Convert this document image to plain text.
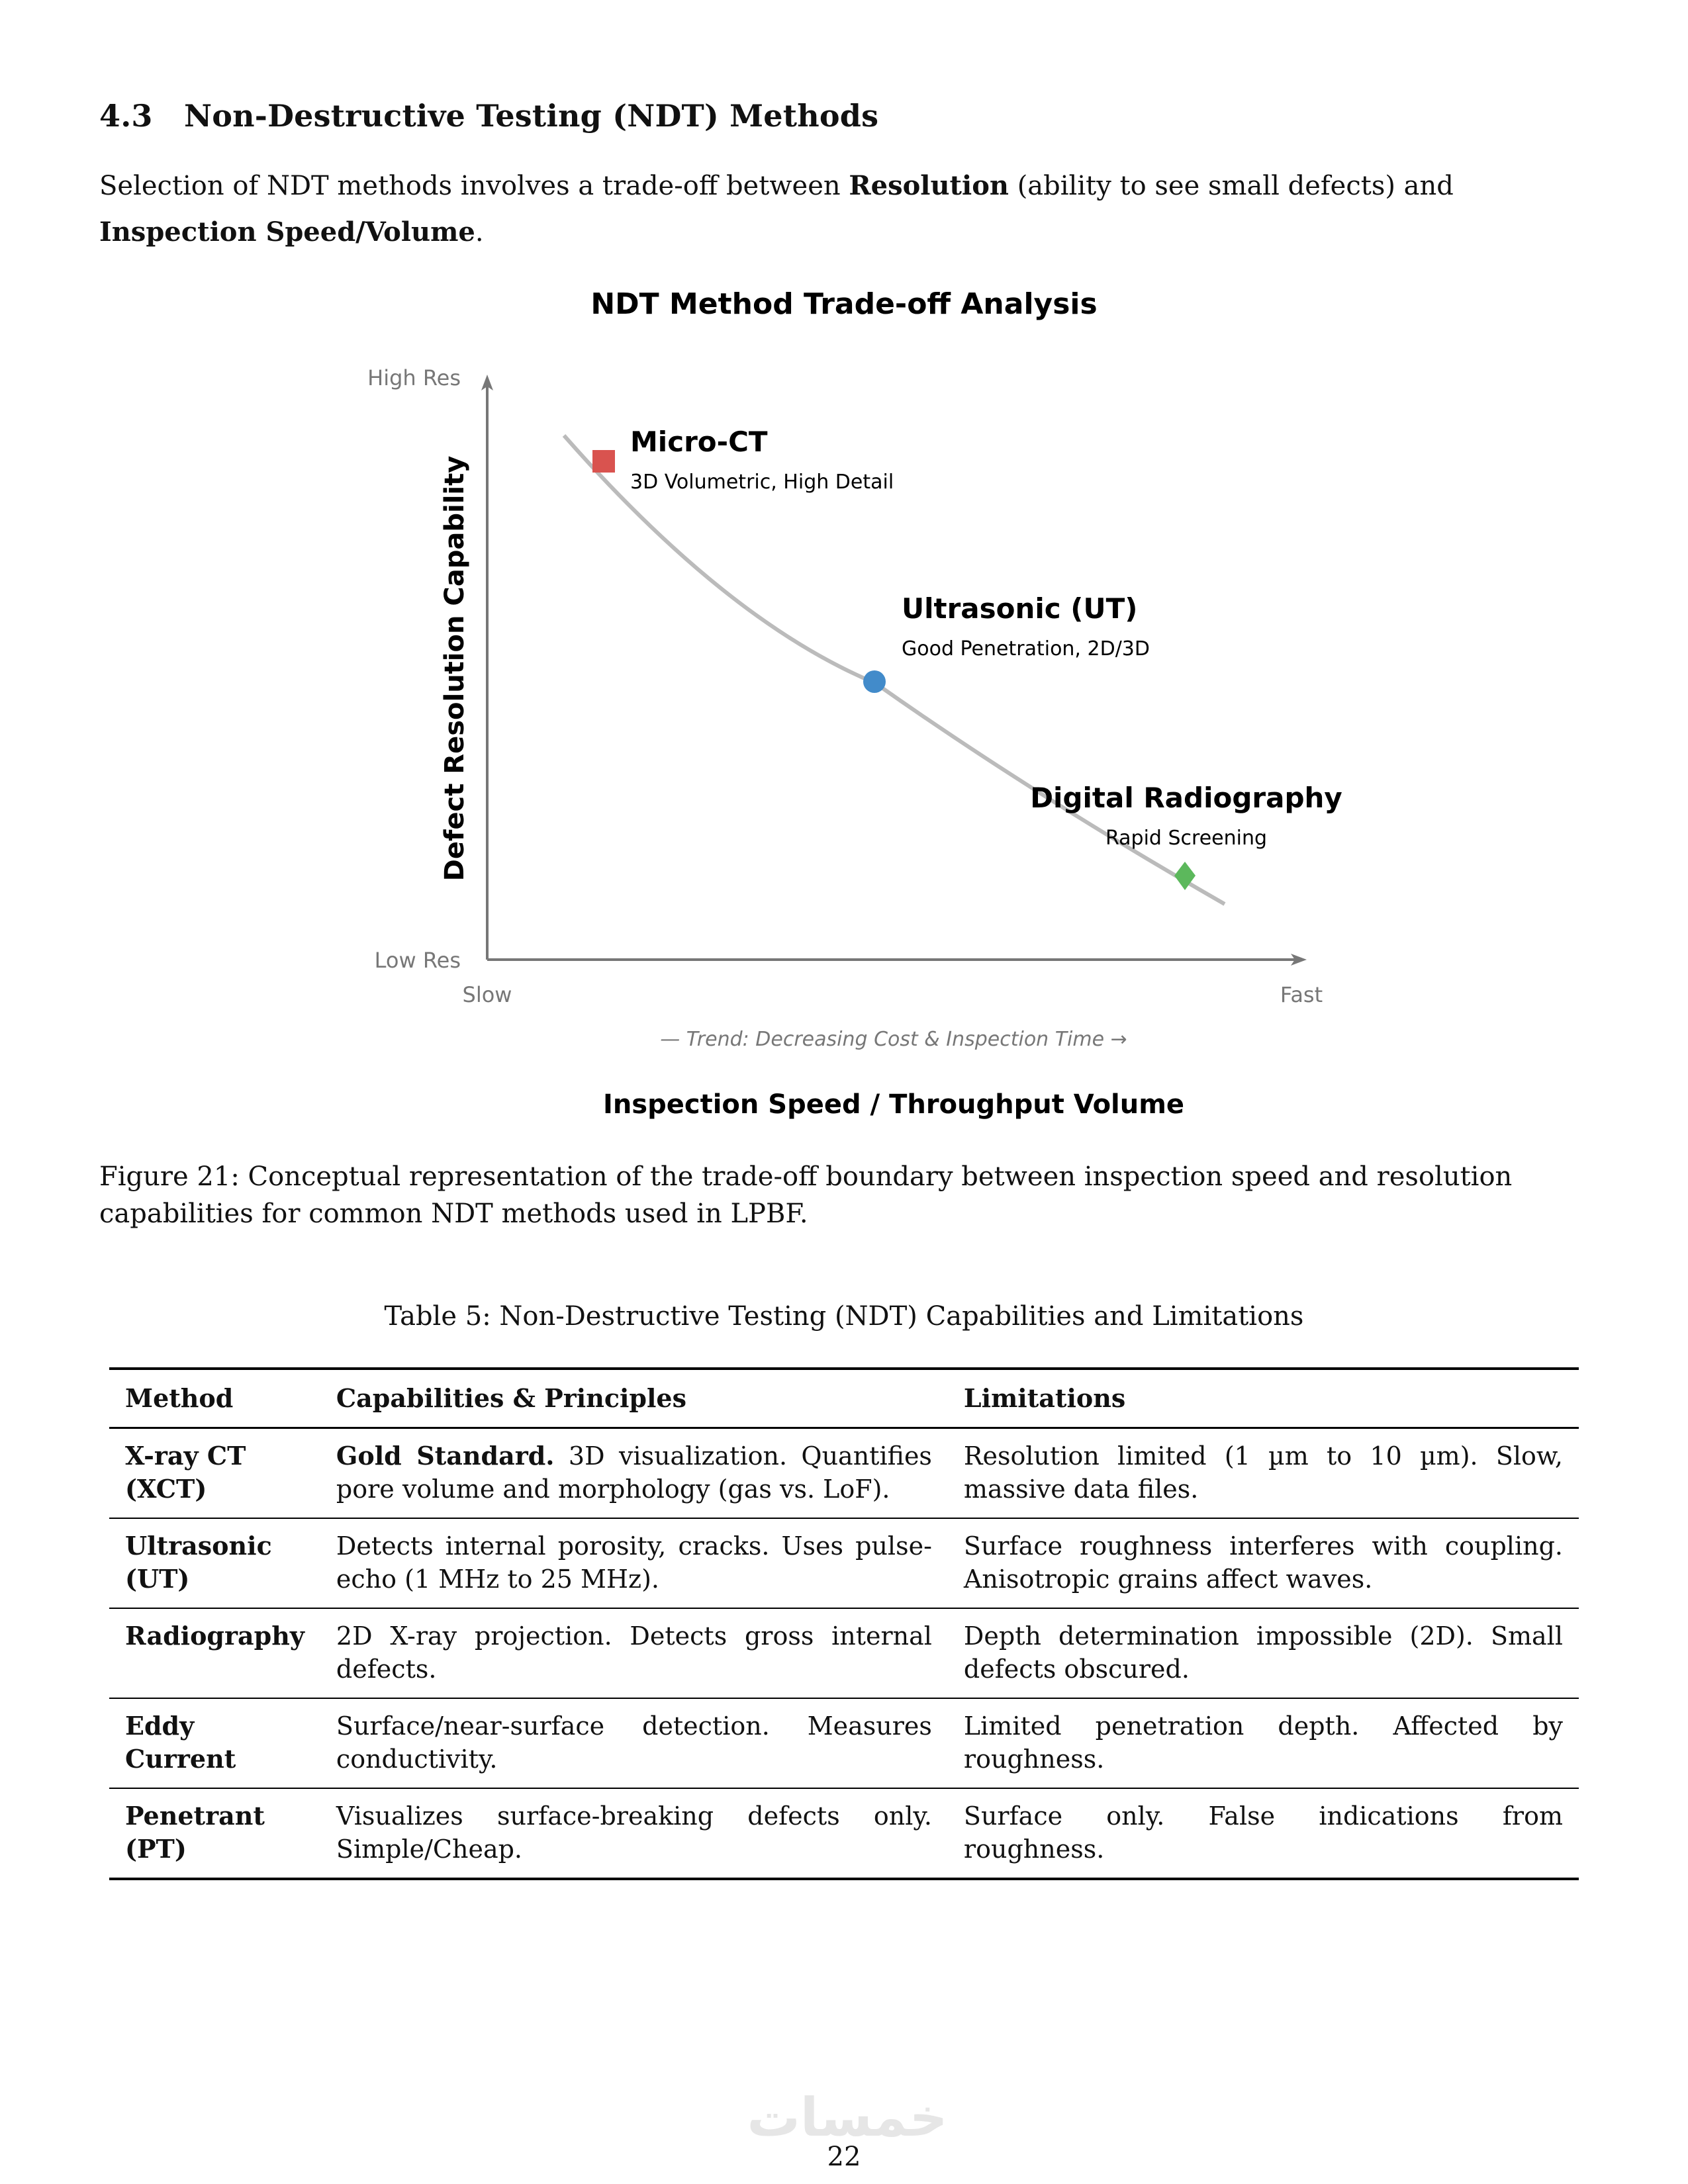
4.3 Non-Destructive Testing (NDT) Methods

Selection of NDT methods involves a trade-off between Resolution (ability to see small defects) and Inspection Speed/Volume.

NDT Method Trade-off Analysis
High Res
Low Res
Slow	Fast
Defect Resolution Capability
Micro-CT
3D Volumetric, High Detail
Ultrasonic (UT)
Good Penetration, 2D/3D
Digital Radiography
Rapid Screening
— Trend: Decreasing Cost & Inspection Time →
Inspection Speed / Throughput Volume

Figure 21: Conceptual representation of the trade-off boundary between inspection speed and resolution capabilities for common NDT methods used in LPBF.

Table 5: Non-Destructive Testing (NDT) Capabilities and Limitations

Method	Capabilities & Principles	Limitations
X-ray CT (XCT)	Gold Standard. 3D visualization. Quantifies pore volume and morphology (gas vs. LoF).	Resolution limited (1 µm to 10 µm). Slow, massive data files.
Ultrasonic (UT)	Detects internal porosity, cracks. Uses pulse-echo (1 MHz to 25 MHz).	Surface roughness interferes with coupling. Anisotropic grains affect waves.
Radiography	2D X-ray projection. Detects gross internal defects.	Depth determination impossible (2D). Small defects obscured.
Eddy Current	Surface/near-surface detection. Measures conductivity.	Limited penetration depth. Affected by roughness.
Penetrant (PT)	Visualizes surface-breaking defects only. Simple/Cheap.	Surface only. False indications from roughness.
خمسات
22
